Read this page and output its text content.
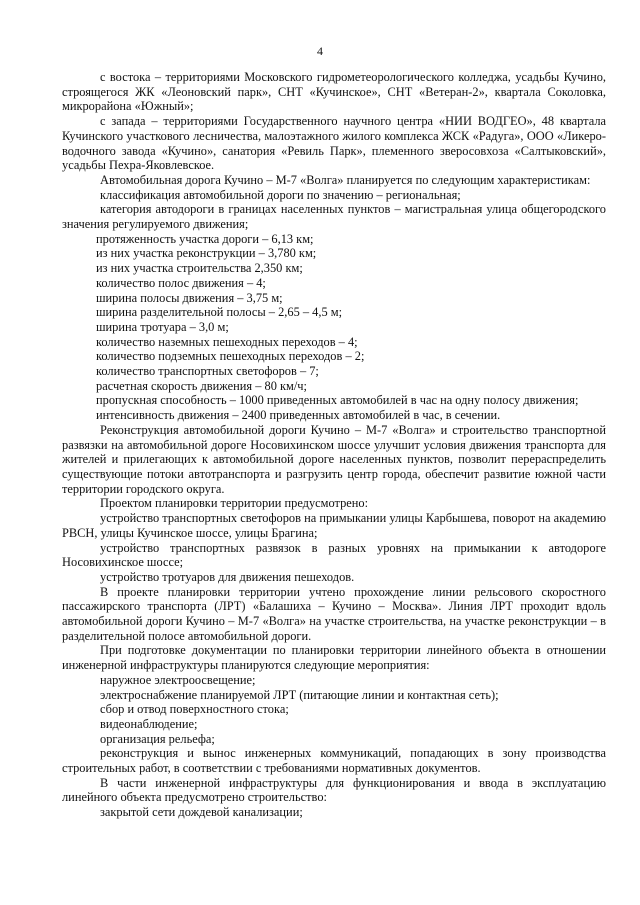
4

с востока – территориями Московского гидрометеорологического колледжа, усадьбы Кучино, строящегося ЖК «Леоновский парк», СНТ «Кучинское», СНТ «Ветеран-2», квартала Соколовка, микрорайона «Южный»;

с запада – территориями Государственного научного центра «НИИ ВОДГЕО», 48 квартала Кучинского участкового лесничества, малоэтажного жилого комплекса ЖСК «Радуга», ООО «Ликеро-водочного завода «Кучино», санатория «Ревиль Парк», племенного зверосовхоза «Салтыковский», усадьбы Пехра-Яковлевское.

Автомобильная дорога Кучино – М-7 «Волга» планируется по следующим характеристикам:

классификация автомобильной дороги по значению – региональная;

категория автодороги в границах населенных пунктов – магистральная улица общегородского значения регулируемого движения;

протяженность участка дороги – 6,13 км;

из них участка реконструкции – 3,780 км;

из них участка строительства 2,350 км;

количество полос движения – 4;

ширина полосы движения – 3,75 м;

ширина разделительной полосы – 2,65 – 4,5 м;

ширина тротуара – 3,0 м;

количество наземных пешеходных переходов – 4;

количество подземных пешеходных переходов – 2;

количество транспортных светофоров – 7;

расчетная скорость движения – 80 км/ч;

пропускная способность – 1000 приведенных автомобилей в час на одну полосу движения;

интенсивность движения – 2400 приведенных автомобилей в час, в сечении.

Реконструкция автомобильной дороги Кучино – М-7 «Волга» и строительство транспортной развязки на автомобильной дороге Носовихинском шоссе улучшит условия движения транспорта для жителей и прилегающих к автомобильной дороге населенных пунктов, позволит перераспределить существующие потоки автотранспорта и разгрузить центр города, обеспечит развитие южной части территории городского округа.

Проектом планировки территории предусмотрено:

устройство транспортных светофоров на примыкании улицы Карбышева, поворот на академию РВСН, улицы Кучинское шоссе, улицы Брагина;

устройство транспортных развязок в разных уровнях на примыкании к автодороге Носовихинское шоссе;

устройство тротуаров для движения пешеходов.

В проекте планировки территории учтено прохождение линии рельсового скоростного пассажирского транспорта (ЛРТ) «Балашиха – Кучино – Москва». Линия ЛРТ проходит вдоль автомобильной дороги Кучино – М-7 «Волга» на участке строительства, на участке реконструкции – в разделительной полосе автомобильной дороги.

При подготовке документации по планировки территории линейного объекта в отношении инженерной инфраструктуры планируются следующие мероприятия:

наружное электроосвещение;

электроснабжение планируемой ЛРТ (питающие линии и контактная сеть);

сбор и отвод поверхностного стока;

видеонаблюдение;

организация рельефа;

реконструкция и вынос инженерных коммуникаций, попадающих в зону производства строительных работ, в соответствии с требованиями нормативных документов.

В части инженерной инфраструктуры для функционирования и ввода в эксплуатацию линейного объекта предусмотрено строительство:

закрытой сети дождевой канализации;
